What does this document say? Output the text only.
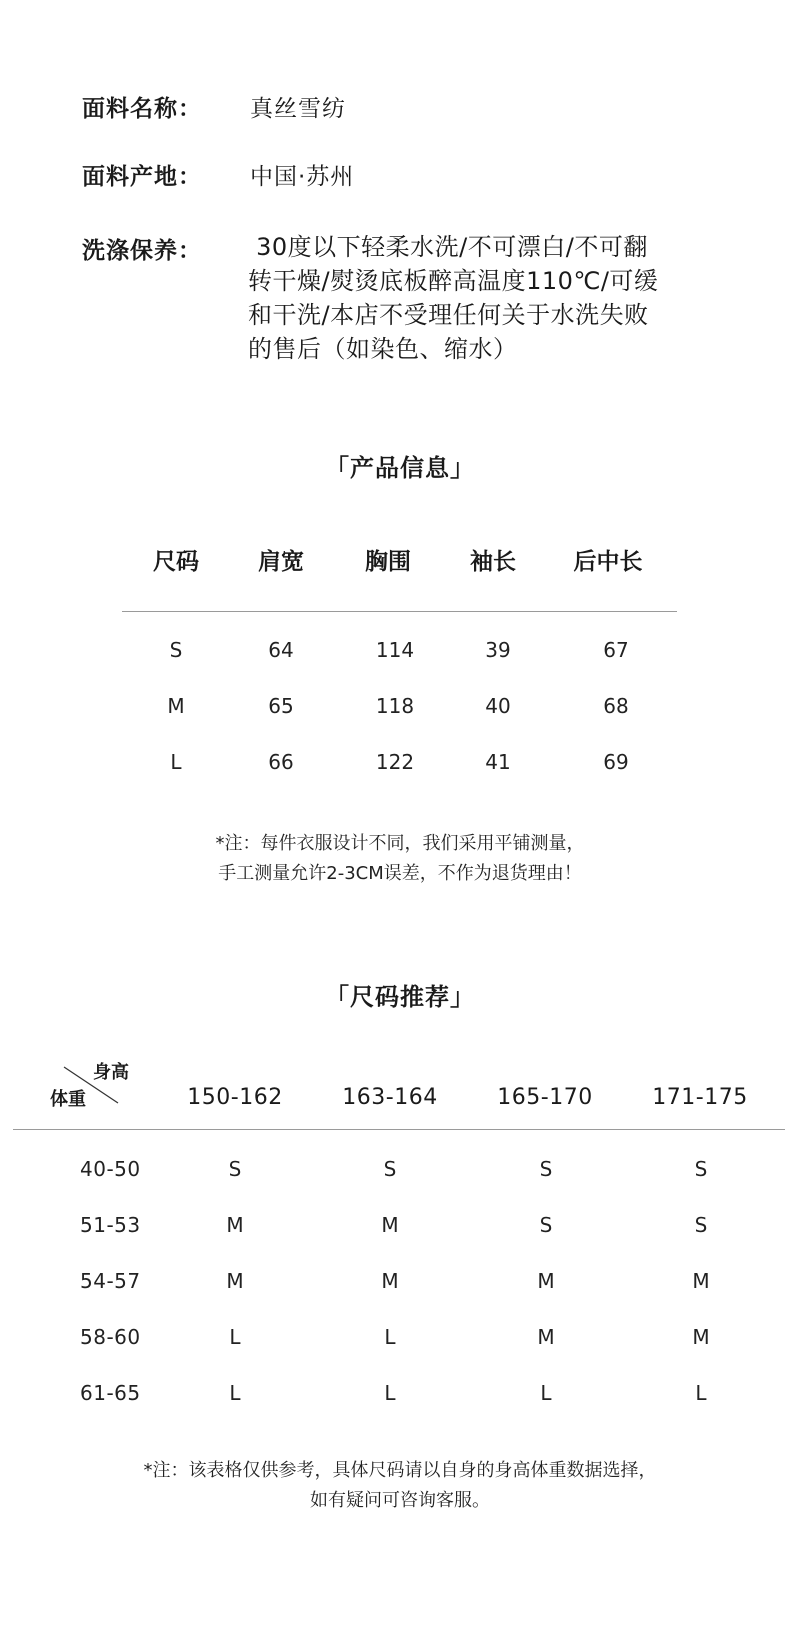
面料名称： 真丝雪纺
面料产地： 中国·苏州
洗涤保养： 30度以下轻柔水洗/不可漂白/不可翻
转干燥/熨烫底板醉高温度110℃/可缓
和干洗/本店不受理任何关于水洗失败
的售后（如染色、缩水）
「产品信息」
尺码	肩宽	胸围	袖长	后中长
S	64	114	39	67
M	65	118	40	68
L	66	122	41	69
*注：每件衣服设计不同，我们采用平铺测量，
手工测量允许2-3CM误差，不作为退货理由！
「尺码推荐」
身高
体重	150-162	163-164	165-170	171-175
40-50	S	S	S	S
51-53	M	M	S	S
54-57	M	M	M	M
58-60	L	L	M	M
61-65	L	L	L	L
*注：该表格仅供参考，具体尺码请以自身的身高体重数据选择，
如有疑问可咨询客服。
